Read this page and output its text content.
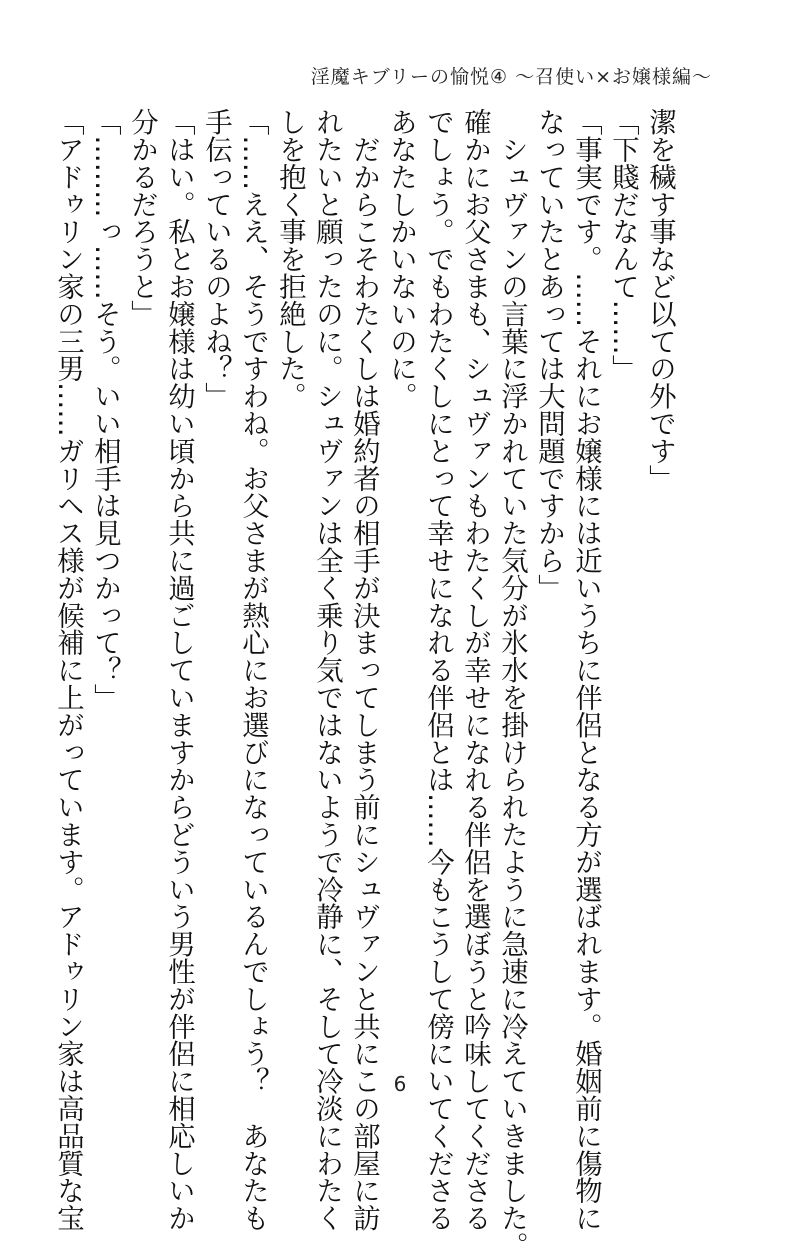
淫魔キブリーの愉悦④ 〜召使い×お嬢様編〜
潔を穢す事など以ての外です」
「下賤だなんて……」
「事実です。……それにお嬢様には近いうちに伴侶となる方が選ばれます。婚姻前に傷物に
なっていたとあっては大問題ですから」
　シュヴァンの言葉に浮かれていた気分が氷水を掛けられたように急速に冷えていきました。
確かにお父さまも、シュヴァンもわたくしが幸せになれる伴侶を選ぼうと吟味してくださる
でしょう。でもわたくしにとって幸せになれる伴侶とは……今もこうして傍にいてくださる
あなたしかいないのに。
　だからこそわたくしは婚約者の相手が決まってしまう前にシュヴァンと共にこの部屋に訪
れたいと願ったのに。シュヴァンは全く乗り気ではないようで冷静に、そして冷淡にわたく
しを抱く事を拒絶した。
「……ええ、そうですわね。お父さまが熱心にお選びになっているんでしょう？　あなたも
手伝っているのよね？」
「はい。私とお嬢様は幼い頃から共に過ごしていますからどういう男性が伴侶に相応しいか
分かるだろうと」
「………っ……そう。いい相手は見つかって？」
「アドゥリン家の三男……ガリヘス様が候補に上がっています。アドゥリン家は高品質な宝	6
